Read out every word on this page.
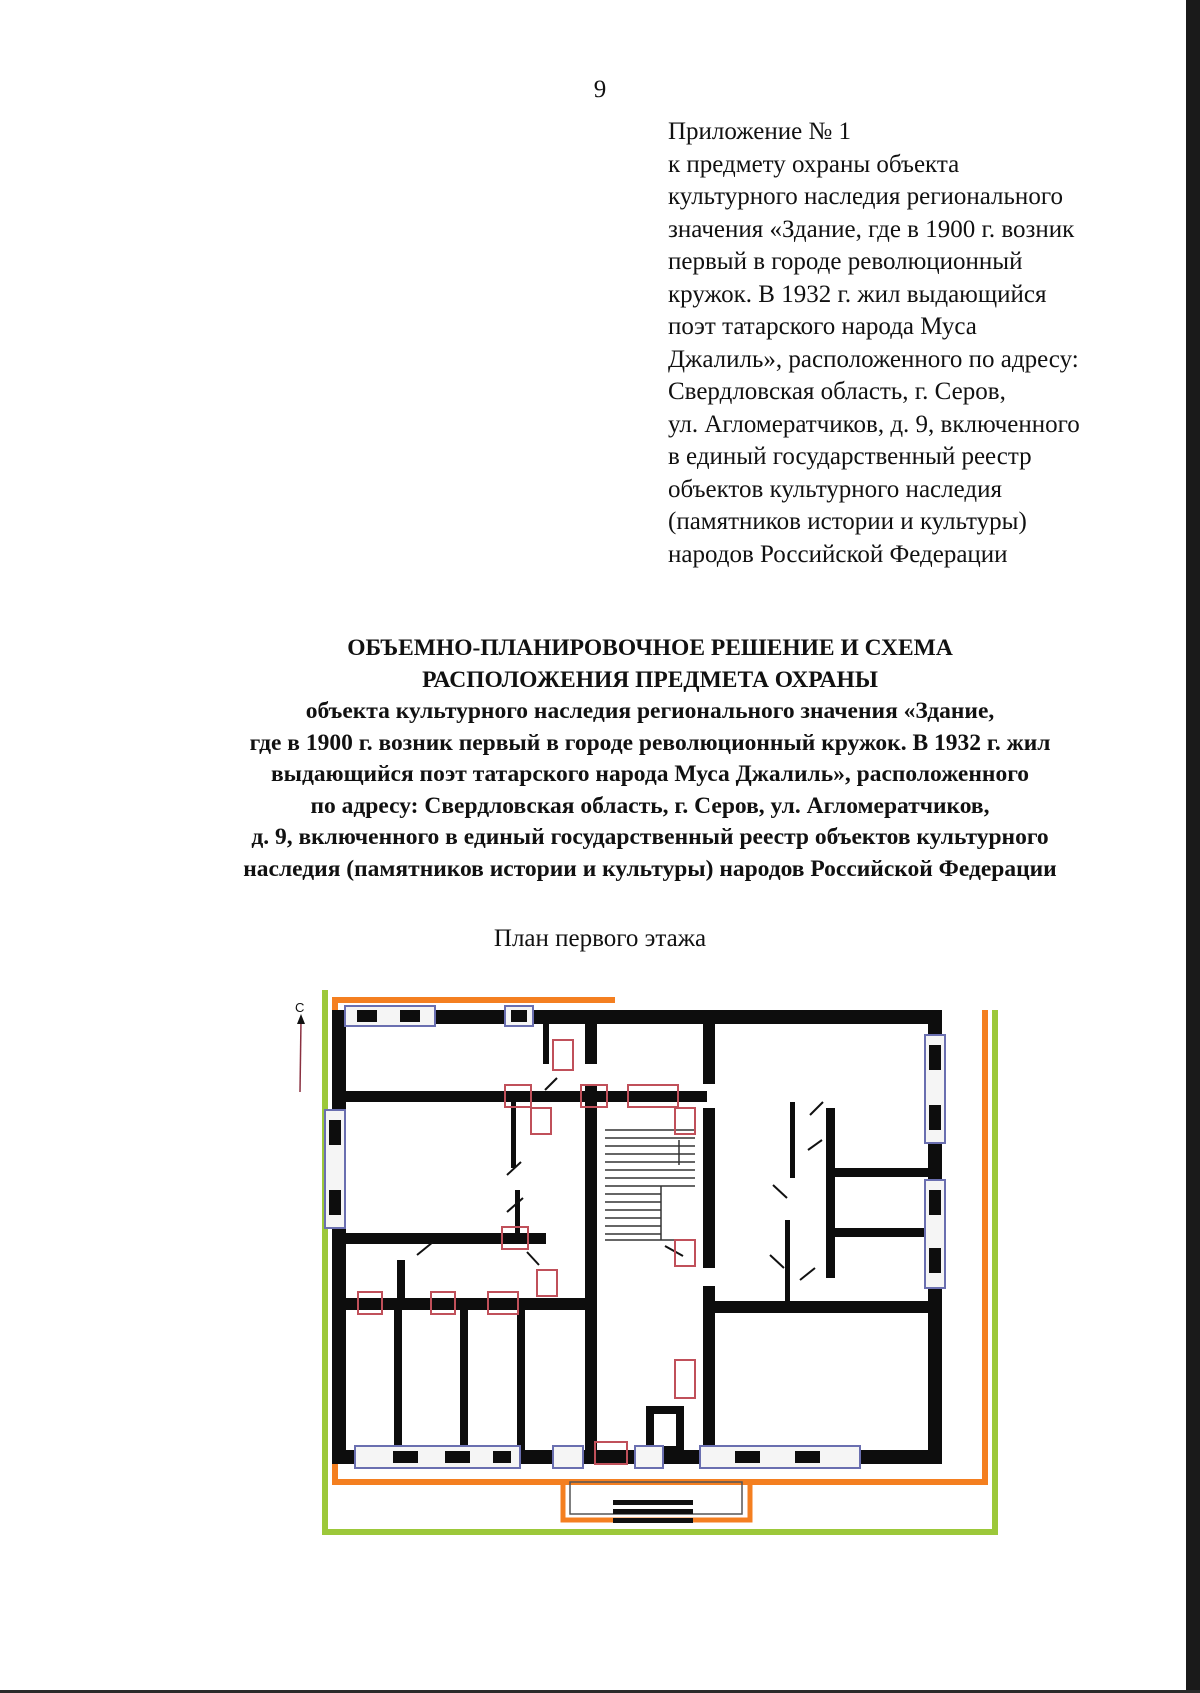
9
Приложение № 1
к предмету охраны объекта
культурного наследия регионального
значения «Здание, где в 1900 г. возник
первый в городе революционный
кружок. В 1932 г. жил выдающийся
поэт татарского народа Муса
Джалиль», расположенного по адресу:
Свердловская область, г. Серов,
ул. Агломератчиков, д. 9, включенного
в единый государственный реестр
объектов культурного наследия
(памятников истории и культуры)
народов Российской Федерации
ОБЪЕМНО-ПЛАНИРОВОЧНОЕ РЕШЕНИЕ И СХЕМА
РАСПОЛОЖЕНИЯ ПРЕДМЕТА ОХРАНЫ
объекта культурного наследия регионального значения «Здание,
где в 1900 г. возник первый в городе революционный кружок. В 1932 г. жил
выдающийся поэт татарского народа Муса Джалиль», расположенного
по адресу: Свердловская область, г. Серов, ул. Агломератчиков,
д. 9, включенного в единый государственный реестр объектов культурного
наследия (памятников истории и культуры) народов Российской Федерации
План первого этажа
С
